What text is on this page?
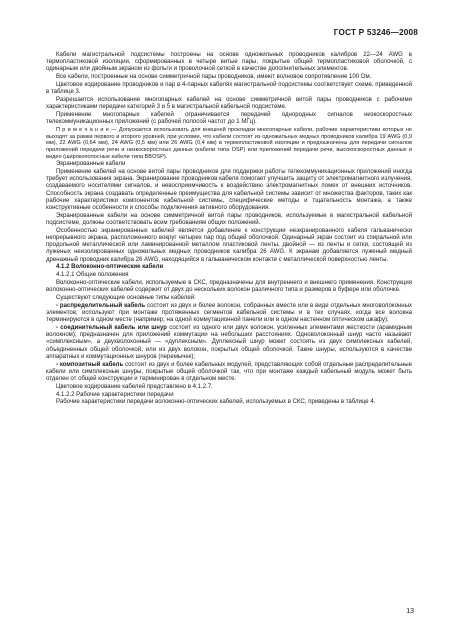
ГОСТ Р 53246—2008

Кабели магистральной подсистемы построены на основе одножильных проводников калибров 22—24 AWG в термопластиковой изоляции, сформированных в четыре витые пары, покрытые общей термопластиковой оболочкой, с одинарным или двойным экраном из фольги и проволочной сеткой в качестве дополнительных элементов.

Все кабели, построенные на основе симметричной пары проводников, имеют волновое сопротивление 100 Ом.

Цветовое кодирование проводников и пар в 4-парных кабелях магистральной подсистемы соответствует схеме, приведенной в таблице 3.

Разрешается использование многопарных кабелей на основе симметричной витой пары проводников с рабочими характеристиками передачи категорий 3 и 5 в магистральной кабельной подсистеме.

Применение многопарных кабелей ограничивается передачей однородных сигналов низкоскоростных телекоммуникационных приложений (с рабочей полосой частот до 1 МГц).

П р и м е ч а н и е — Допускается использовать для внешней прокладки многопарные кабели, рабочие характеристики которых не выходят за рамки первого и второго уровней, при условии, что кабели состоят из одножильных медных проводников калибра 19 AWG (0,9 мм), 22 AWG (0,64 мм), 24 AWG (0,5 мм) или 26 AWG (0,4 мм) в термопластиковой изоляции и предназначены для передачи сигналов приложений передачи речи и низкоскоростных данных (кабели типа OSP) или приложений передачи речи, высокоскоростных данных и видео (широкополосные кабели типа BBOSP).

Экранированные кабели

Применение кабелей на основе витой пары проводников для поддержки работы телекоммуникационных приложений иногда требует использования экрана. Экранирование проводников кабеля помогает улучшить защиту от электромагнитного излучения, создаваемого носителями сигналов, и невосприимчивость к воздействию электромагнитных помех от внешних источников. Способность экрана создавать определенные преимущества для кабельной системы зависит от множества факторов, таких как рабочие характеристики компонентов кабельной системы, специфические методы и тщательность монтажа, а также конструктивные особенности и способы подключения активного оборудования.

Экранированные кабели на основе симметричной витой пары проводников, используемые в магистральной кабельной подсистеме, должны соответствовать всем требованиям общих положений.

Особенностью экранированных кабелей является добавление к конструкции неэкранированного кабеля гальванически непрерывного экрана, расположенного вокруг четырех пар под общей оболочкой. Одинарный экран состоит из спиральной или продольной металлической или ламинированной металлом пластиковой ленты, двойной — из ленты и сетки, состоящей из луженых неизолированных одножильных медных проводников калибра 26 AWG. К экранам добавляется луженый медный дренажный проводник калибра 26 AWG, находящийся в гальваническом контакте с металлической поверхностью ленты.

4.1.2 Волоконно-оптические кабели

4.1.2.1 Общие положения

Волоконно-оптические кабели, используемые в СКС, предназначены для внутреннего и внешнего применения. Конструкция волоконно-оптических кабелей содержит от двух до нескольких волокон различного типа и размеров в буфере или оболочке.

Существуют следующие основные типы кабелей:

- распределительный кабель состоит из двух и более волокон, собранных вместе или в виде отдельных многоволоконных элементов; используют при монтаже протяженных сегментов кабельной системы и в тех случаях, когда все волокна терминируются в одном месте (например, на одной коммутационной панели или в одном настенном оптическом шкафу);

- соединительный кабель или шнур состоит из одного или двух волокон, усиленных элементами жесткости (арамидным волокном); предназначен для приложений коммутации на небольших расстояниях. Одноволоконный шнур часто называют «симплексным», а двухволоконный — «дуплексным». Дуплексный шнур может состоять из двух симплексных кабелей, объединенных общей оболочкой, или из двух волокон, покрытых общей оболочкой. Такие шнуры, используются в качестве аппаратных и коммутационных шнуров (перемычек);

- композитный кабель состоит из двух и более кабельных модулей, представляющих собой отдельные распределительные кабели или симплексные шнуры, покрытые общей оболочкой так, что при монтаже каждый кабельный модуль может быть отделен от общей конструкции и терминирован в отдельном месте.

Цветовое кодирование кабелей представлено в 4.1.2.7.

4.1.2.2 Рабочие характеристики передачи

Рабочие характеристики передачи волоконно-оптических кабелей, используемых в СКС, приведены в таблице 4.

13
